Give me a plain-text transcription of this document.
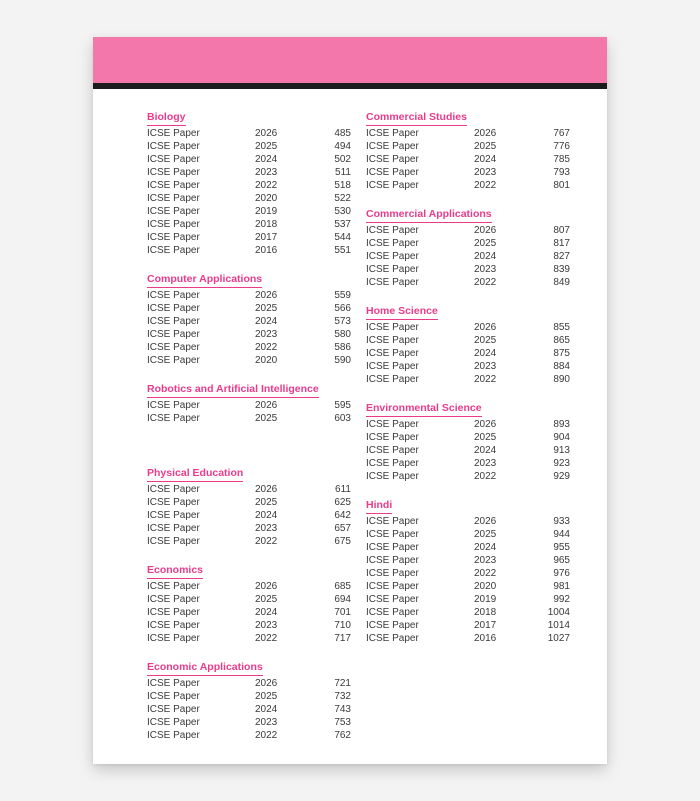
Biology
ICSE Paper	2026	485
ICSE Paper	2025	494
ICSE Paper	2024	502
ICSE Paper	2023	511
ICSE Paper	2022	518
ICSE Paper	2020	522
ICSE Paper	2019	530
ICSE Paper	2018	537
ICSE Paper	2017	544
ICSE Paper	2016	551
Computer Applications
ICSE Paper	2026	559
ICSE Paper	2025	566
ICSE Paper	2024	573
ICSE Paper	2023	580
ICSE Paper	2022	586
ICSE Paper	2020	590
Robotics and Artificial Intelligence
ICSE Paper	2026	595
ICSE Paper	2025	603
Physical Education
ICSE Paper	2026	611
ICSE Paper	2025	625
ICSE Paper	2024	642
ICSE Paper	2023	657
ICSE Paper	2022	675
Economics
ICSE Paper	2026	685
ICSE Paper	2025	694
ICSE Paper	2024	701
ICSE Paper	2023	710
ICSE Paper	2022	717
Economic Applications
ICSE Paper	2026	721
ICSE Paper	2025	732
ICSE Paper	2024	743
ICSE Paper	2023	753
ICSE Paper	2022	762
Commercial Studies
ICSE Paper	2026	767
ICSE Paper	2025	776
ICSE Paper	2024	785
ICSE Paper	2023	793
ICSE Paper	2022	801
Commercial Applications
ICSE Paper	2026	807
ICSE Paper	2025	817
ICSE Paper	2024	827
ICSE Paper	2023	839
ICSE Paper	2022	849
Home Science
ICSE Paper	2026	855
ICSE Paper	2025	865
ICSE Paper	2024	875
ICSE Paper	2023	884
ICSE Paper	2022	890
Environmental Science
ICSE Paper	2026	893
ICSE Paper	2025	904
ICSE Paper	2024	913
ICSE Paper	2023	923
ICSE Paper	2022	929
Hindi
ICSE Paper	2026	933
ICSE Paper	2025	944
ICSE Paper	2024	955
ICSE Paper	2023	965
ICSE Paper	2022	976
ICSE Paper	2020	981
ICSE Paper	2019	992
ICSE Paper	2018	1004
ICSE Paper	2017	1014
ICSE Paper	2016	1027
